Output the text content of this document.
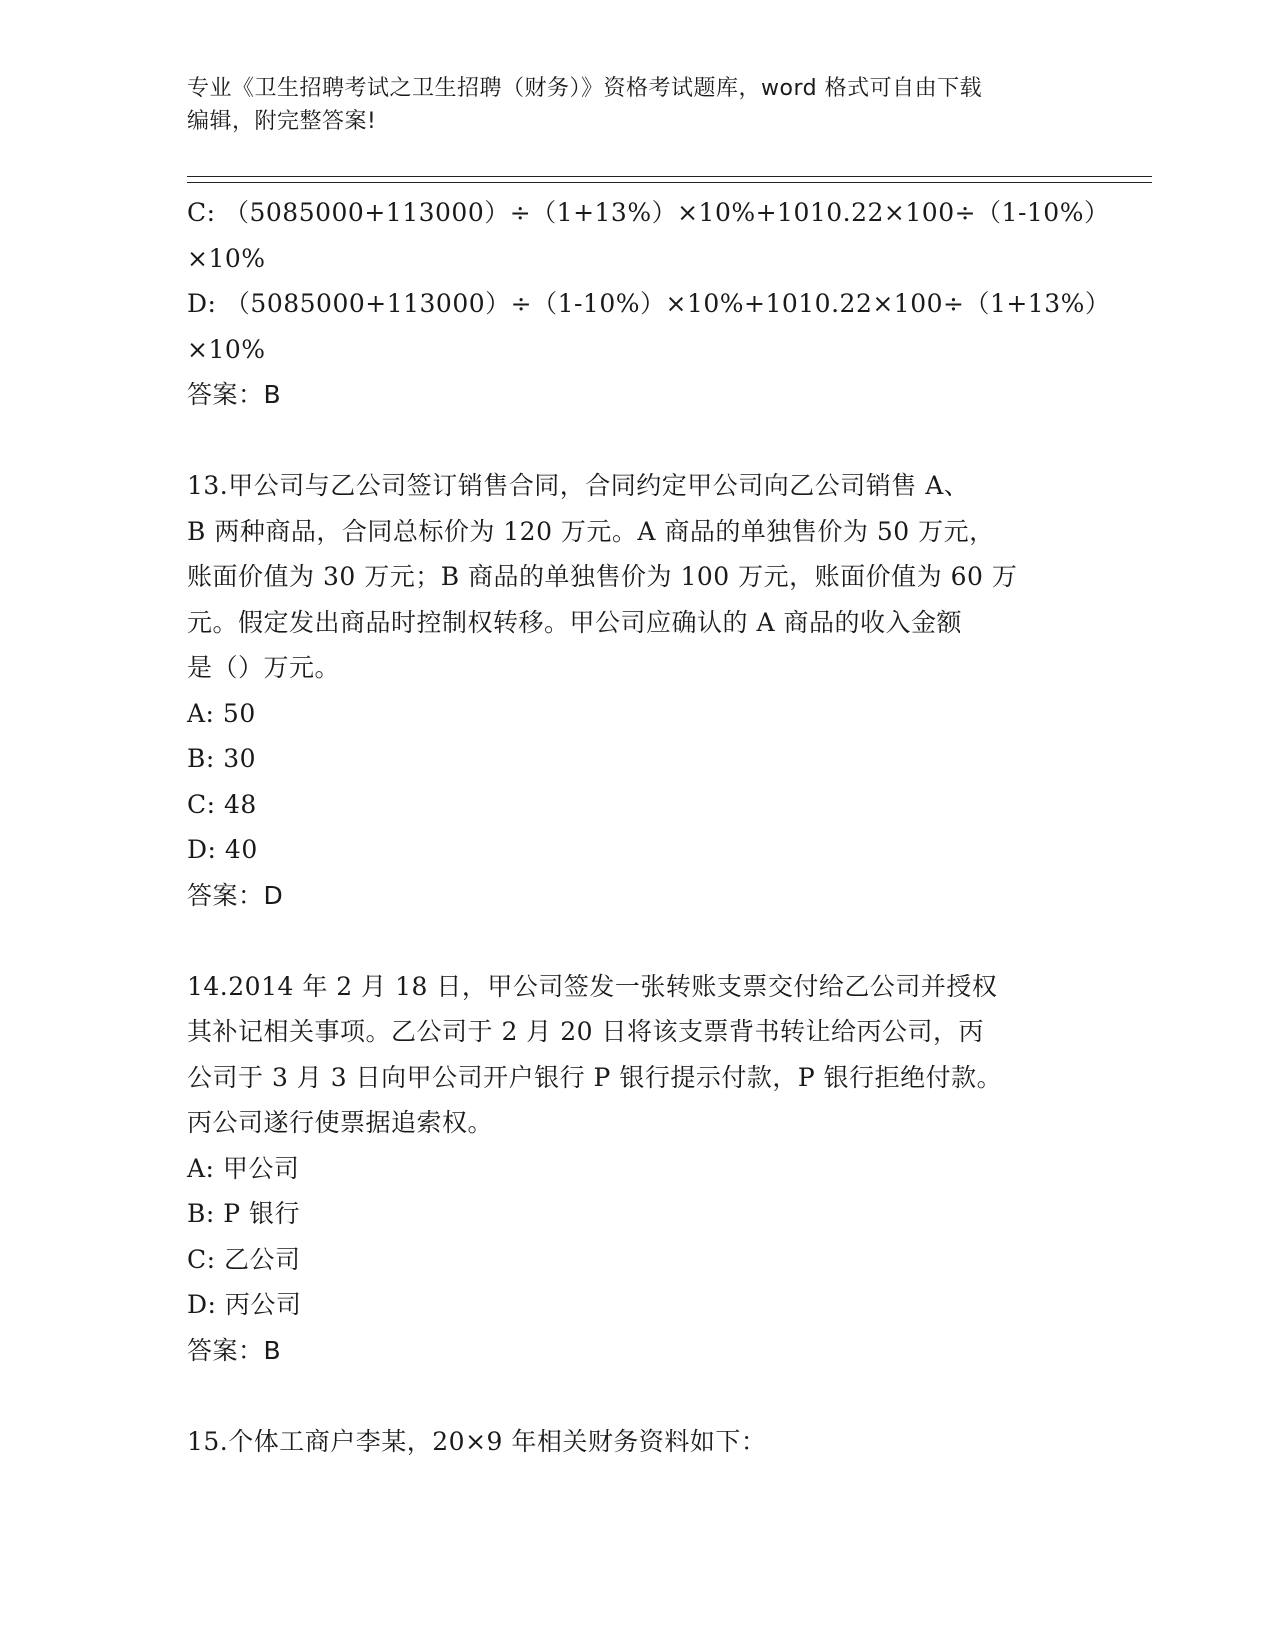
专业《卫生招聘考试之卫生招聘（财务）》资格考试题库，word 格式可自由下载
编辑，附完整答案!

C: （5085000+113000）÷（1+13%）×10%+1010.22×100÷（1-10%）

×10%

D: （5085000+113000）÷（1-10%）×10%+1010.22×100÷（1+13%）

×10%

答案：B

13.甲公司与乙公司签订销售合同，合同约定甲公司向乙公司销售 A、

B 两种商品，合同总标价为 120 万元。A 商品的单独售价为 50 万元，

账面价值为 30 万元；B 商品的单独售价为 100 万元，账面价值为 60 万

元。假定发出商品时控制权转移。甲公司应确认的 A 商品的收入金额

是（）万元。

A: 50

B: 30

C: 48

D: 40

答案：D

14.2014 年 2 月 18 日，甲公司签发一张转账支票交付给乙公司并授权

其补记相关事项。乙公司于 2 月 20 日将该支票背书转让给丙公司，丙

公司于 3 月 3 日向甲公司开户银行 P 银行提示付款，P 银行拒绝付款。

丙公司遂行使票据追索权。

A: 甲公司

B: P 银行

C: 乙公司

D: 丙公司

答案：B

15.个体工商户李某，20×9 年相关财务资料如下：
